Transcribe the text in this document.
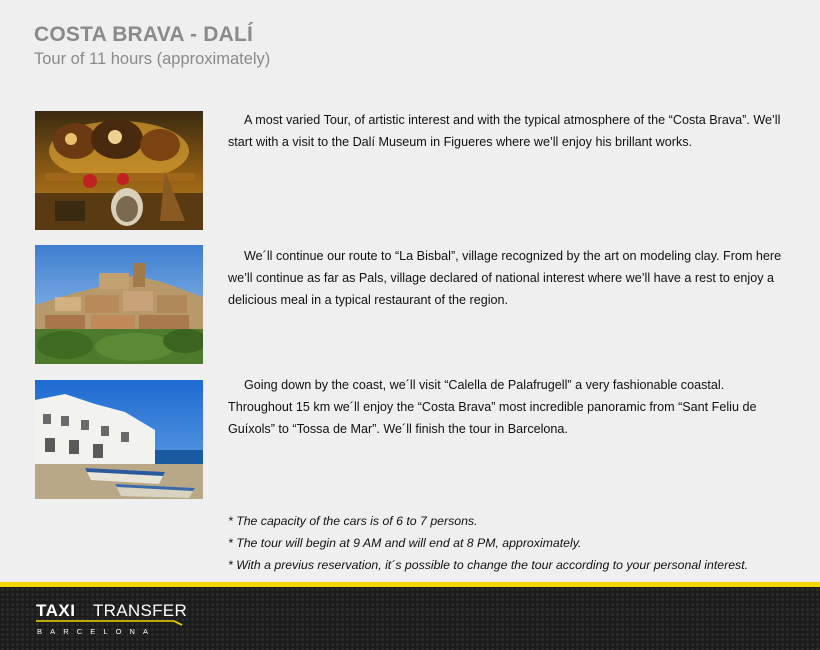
COSTA BRAVA - DALÍ
Tour of 11 hours (approximately)
A most varied Tour, of artistic interest and with the typical atmosphere of the “Costa Brava”. We’ll start with a visit to the Dalí Museum in Figueres where we’ll enjoy his brillant works.
We´ll continue our route to “La Bisbal”, village recognized by the art on modeling clay. From here we’ll continue as far as Pals, village declared of national interest where we’ll have a rest to enjoy a delicious meal in a typical restaurant of the region.
Going down by the coast, we´ll visit “Calella de Palafrugell” a very fashionable coastal. Throughout 15 km we´ll enjoy the “Costa Brava” most incredible panoramic from “Sant Feliu de Guíxols” to “Tossa de Mar”. We´ll finish the tour in Barcelona.
* The capacity of the cars is of 6 to 7 persons.
* The tour will begin at 9 AM and will end at 8 PM, approximately.
* With a previus reservation, it´s possible to change the tour according to your personal interest.
TAXI TRANSFER
BARCELONA
